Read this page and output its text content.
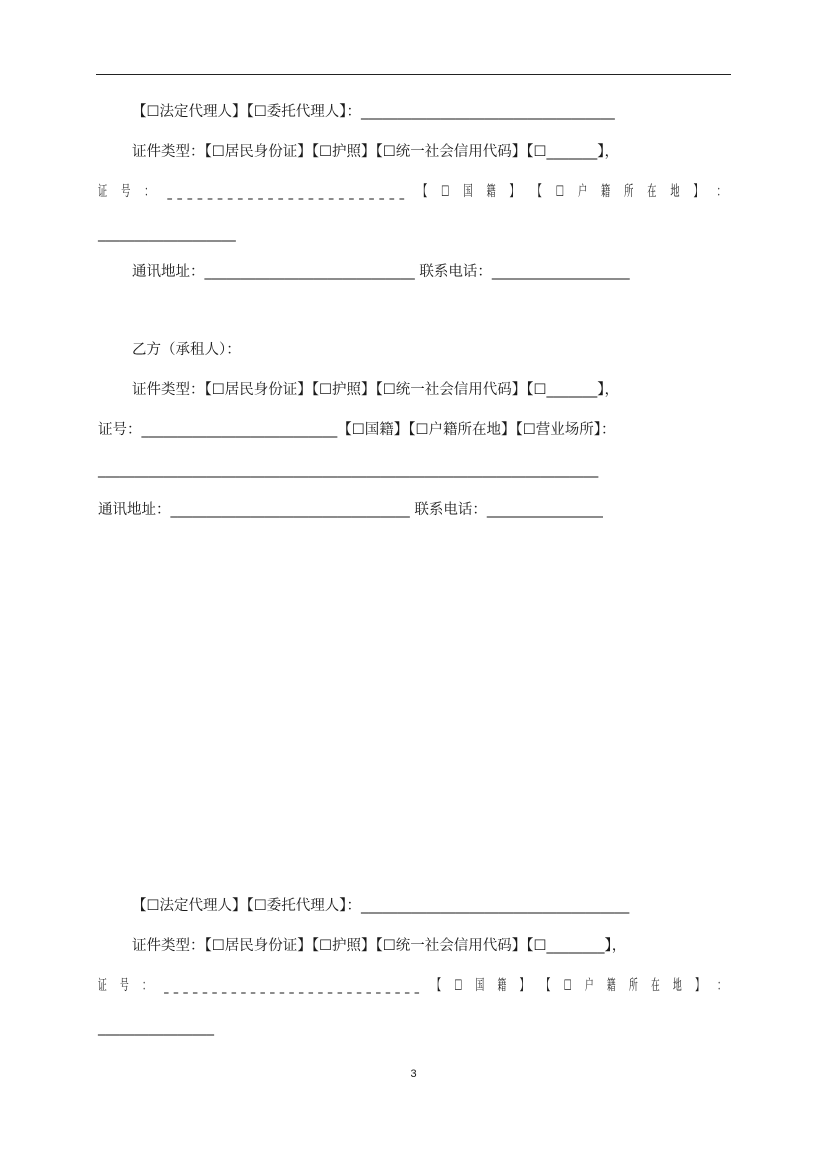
【☐法定代理人】【☐委托代理人】：___________________________________
证件类型：【☐居民身份证】【☐护照】【☐统一社会信用代码】【☐_______】，
证 号 ： ________________________ 【 ☐ 国 籍 】 【 ☐ 户 籍 所 在 地 】 ：
___________________
通讯地址：_____________________________ 联系电话：___________________
乙方（承租人）：
证件类型：【☐居民身份证】【☐护照】【☐统一社会信用代码】【☐_______】，
证号：___________________________【☐国籍】【☐户籍所在地】【☐营业场所】：
_____________________________________________________________________
通讯地址：_________________________________ 联系电话：________________
【☐法定代理人】【☐委托代理人】：_____________________________________
证件类型：【☐居民身份证】【☐护照】【☐统一社会信用代码】【☐________】，
证 号 ： ___________________________ 【 ☐ 国 籍 】 【 ☐ 户 籍 所 在 地 】 ：
________________
3
